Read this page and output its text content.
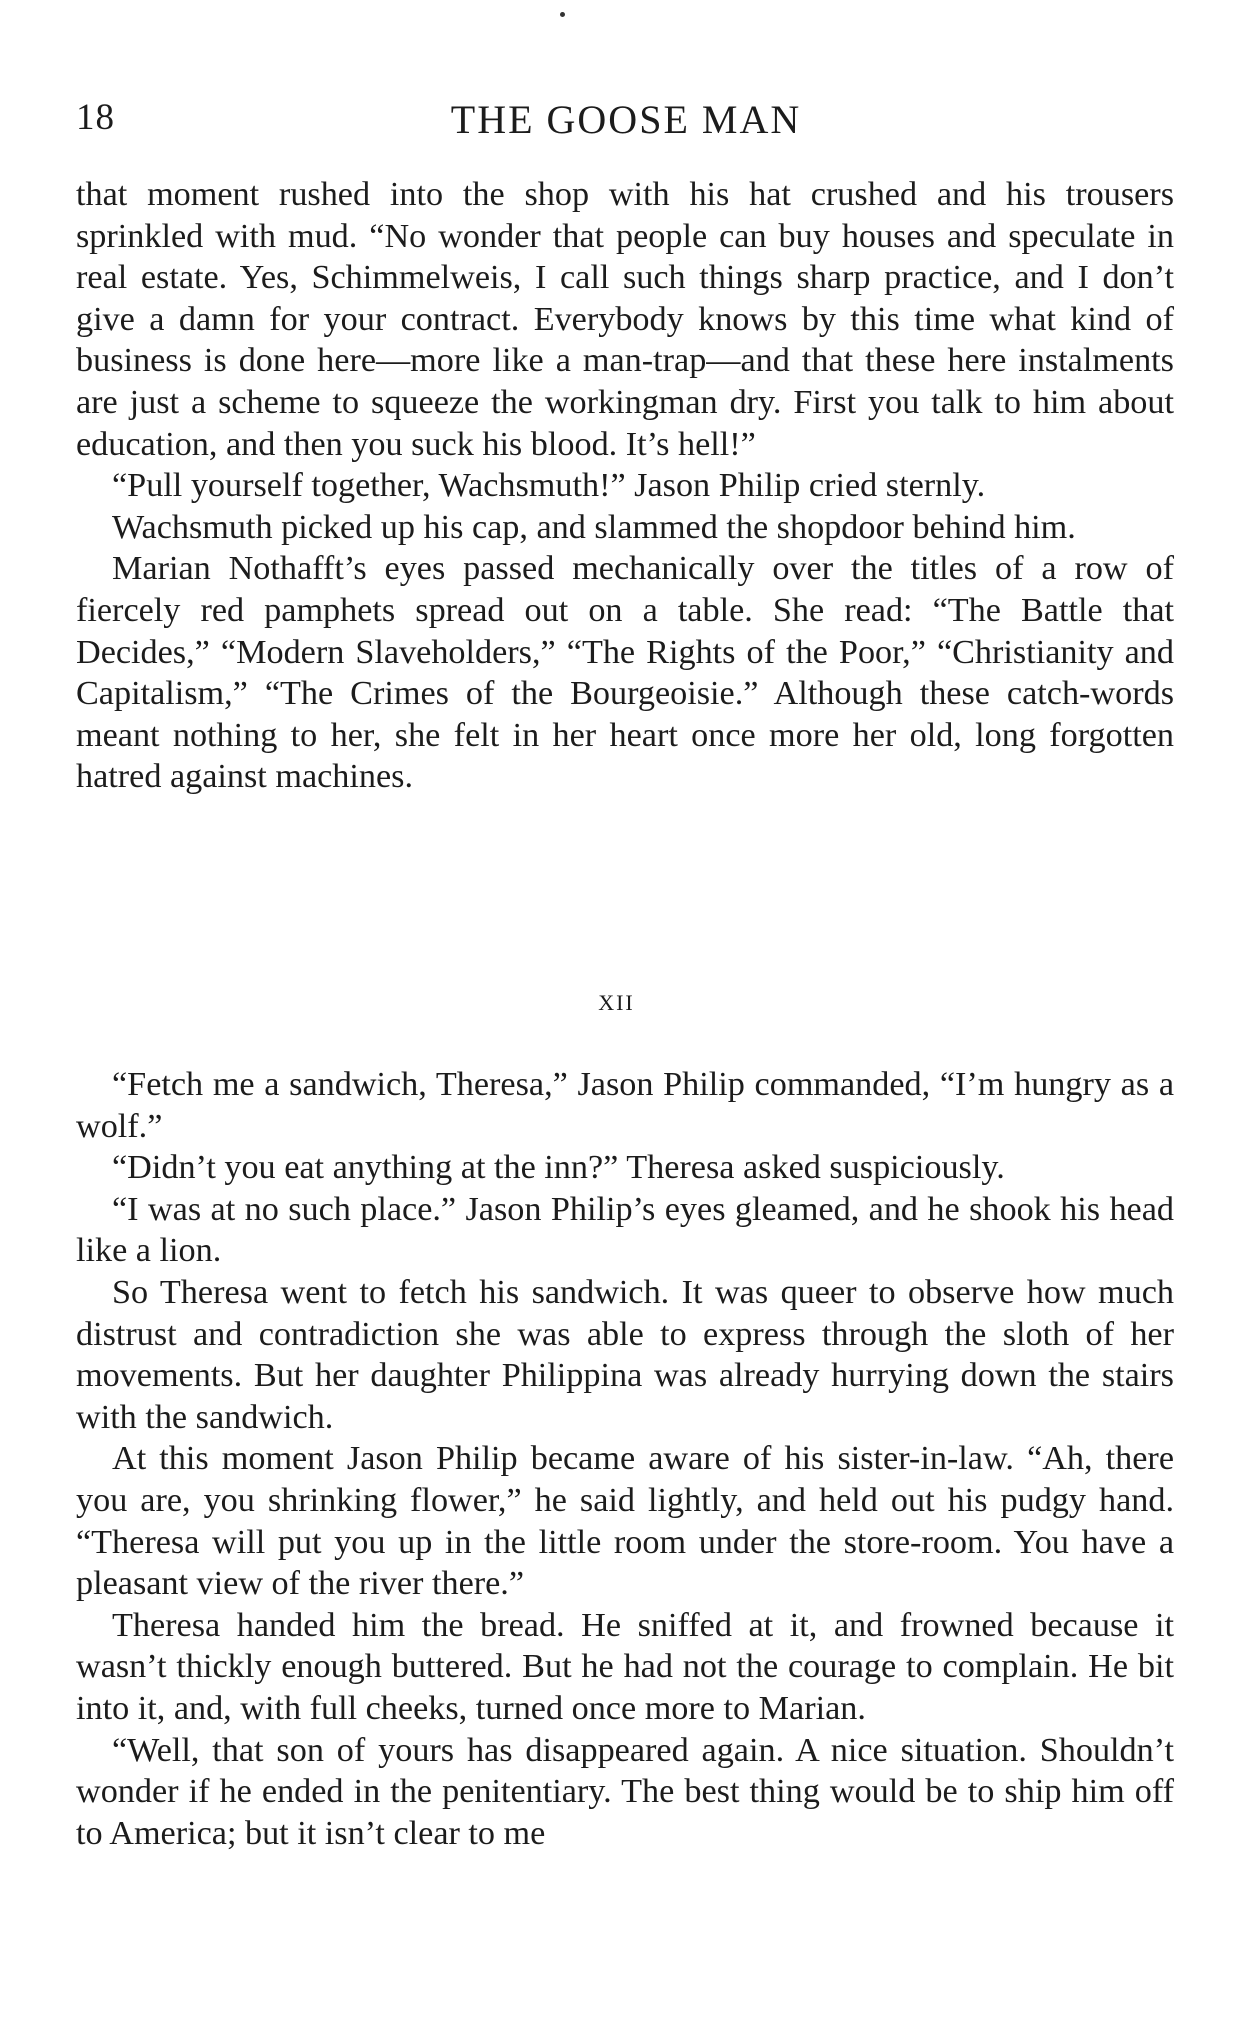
18	THE GOOSE MAN

that moment rushed into the shop with his hat crushed and his trousers sprinkled with mud. “No wonder that people can buy houses and speculate in real estate. Yes, Schimmelweis, I call such things sharp practice, and I don’t give a damn for your contract. Everybody knows by this time what kind of business is done here—more like a man-trap—and that these here instalments are just a scheme to squeeze the workingman dry. First you talk to him about education, and then you suck his blood. It’s hell!”

“Pull yourself together, Wachsmuth!” Jason Philip cried sternly.

Wachsmuth picked up his cap, and slammed the shopdoor behind him.

Marian Nothafft’s eyes passed mechanically over the titles of a row of fiercely red pamphets spread out on a table. She read: “The Battle that Decides,” “Modern Slaveholders,” “The Rights of the Poor,” “Christianity and Capitalism,” “The Crimes of the Bourgeoisie.” Although these catch-words meant nothing to her, she felt in her heart once more her old, long forgotten hatred against machines.

XII

“Fetch me a sandwich, Theresa,” Jason Philip commanded, “I’m hungry as a wolf.”

“Didn’t you eat anything at the inn?” Theresa asked suspiciously.

“I was at no such place.” Jason Philip’s eyes gleamed, and he shook his head like a lion.

So Theresa went to fetch his sandwich. It was queer to observe how much distrust and contradiction she was able to express through the sloth of her movements. But her daughter Philippina was already hurrying down the stairs with the sandwich.

At this moment Jason Philip became aware of his sister-in-law. “Ah, there you are, you shrinking flower,” he said lightly, and held out his pudgy hand. “Theresa will put you up in the little room under the store-room. You have a pleasant view of the river there.”

Theresa handed him the bread. He sniffed at it, and frowned because it wasn’t thickly enough buttered. But he had not the courage to complain. He bit into it, and, with full cheeks, turned once more to Marian.

“Well, that son of yours has disappeared again. A nice situation. Shouldn’t wonder if he ended in the penitentiary. The best thing would be to ship him off to America; but it isn’t clear to me
